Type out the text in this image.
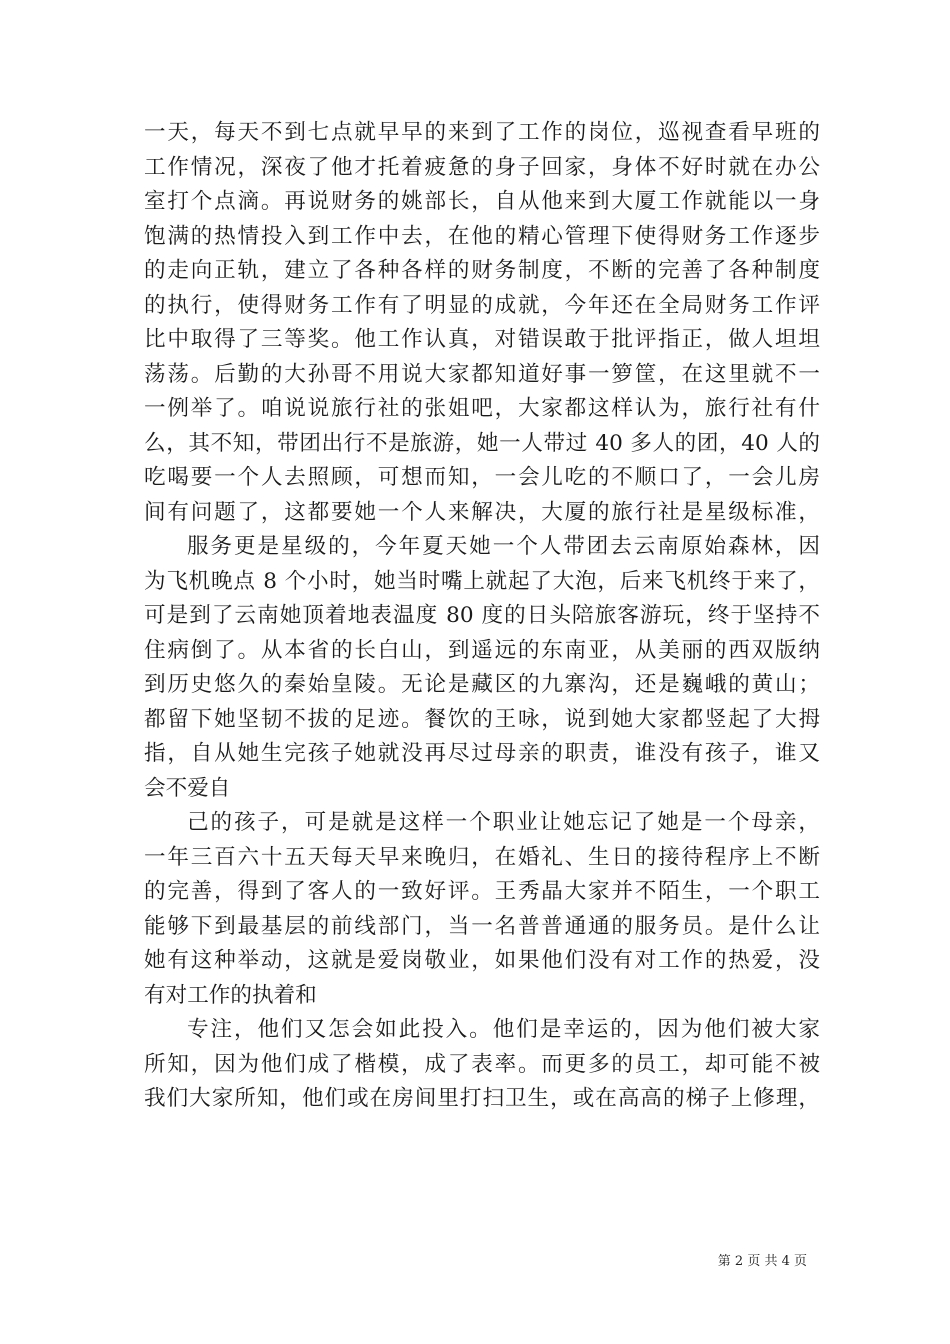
一天，每天不到七点就早早的来到了工作的岗位，巡视查看早班的
工作情况，深夜了他才托着疲惫的身子回家，身体不好时就在办公
室打个点滴。再说财务的姚部长，自从他来到大厦工作就能以一身
饱满的热情投入到工作中去，在他的精心管理下使得财务工作逐步
的走向正轨，建立了各种各样的财务制度，不断的完善了各种制度
的执行，使得财务工作有了明显的成就，今年还在全局财务工作评
比中取得了三等奖。他工作认真，对错误敢于批评指正，做人坦坦
荡荡。后勤的大孙哥不用说大家都知道好事一箩筐，在这里就不一
一例举了。咱说说旅行社的张姐吧，大家都这样认为，旅行社有什
么，其不知，带团出行不是旅游，她一人带过 40 多人的团，40 人的
吃喝要一个人去照顾，可想而知，一会儿吃的不顺口了，一会儿房
间有问题了，这都要她一个人来解决，大厦的旅行社是星级标准，
服务更是星级的，今年夏天她一个人带团去云南原始森林，因
为飞机晚点 8 个小时，她当时嘴上就起了大泡，后来飞机终于来了，
可是到了云南她顶着地表温度 80 度的日头陪旅客游玩，终于坚持不
住病倒了。从本省的长白山，到遥远的东南亚，从美丽的西双版纳
到历史悠久的秦始皇陵。无论是藏区的九寨沟，还是巍峨的黄山；
都留下她坚韧不拔的足迹。餐饮的王咏，说到她大家都竖起了大拇
指，自从她生完孩子她就没再尽过母亲的职责，谁没有孩子，谁又
会不爱自
己的孩子，可是就是这样一个职业让她忘记了她是一个母亲，
一年三百六十五天每天早来晚归，在婚礼、生日的接待程序上不断
的完善，得到了客人的一致好评。王秀晶大家并不陌生，一个职工
能够下到最基层的前线部门，当一名普普通通的服务员。是什么让
她有这种举动，这就是爱岗敬业，如果他们没有对工作的热爱，没
有对工作的执着和
专注，他们又怎会如此投入。他们是幸运的，因为他们被大家
所知，因为他们成了楷模，成了表率。而更多的员工，却可能不被
我们大家所知，他们或在房间里打扫卫生，或在高高的梯子上修理，
第 2 页 共 4 页
